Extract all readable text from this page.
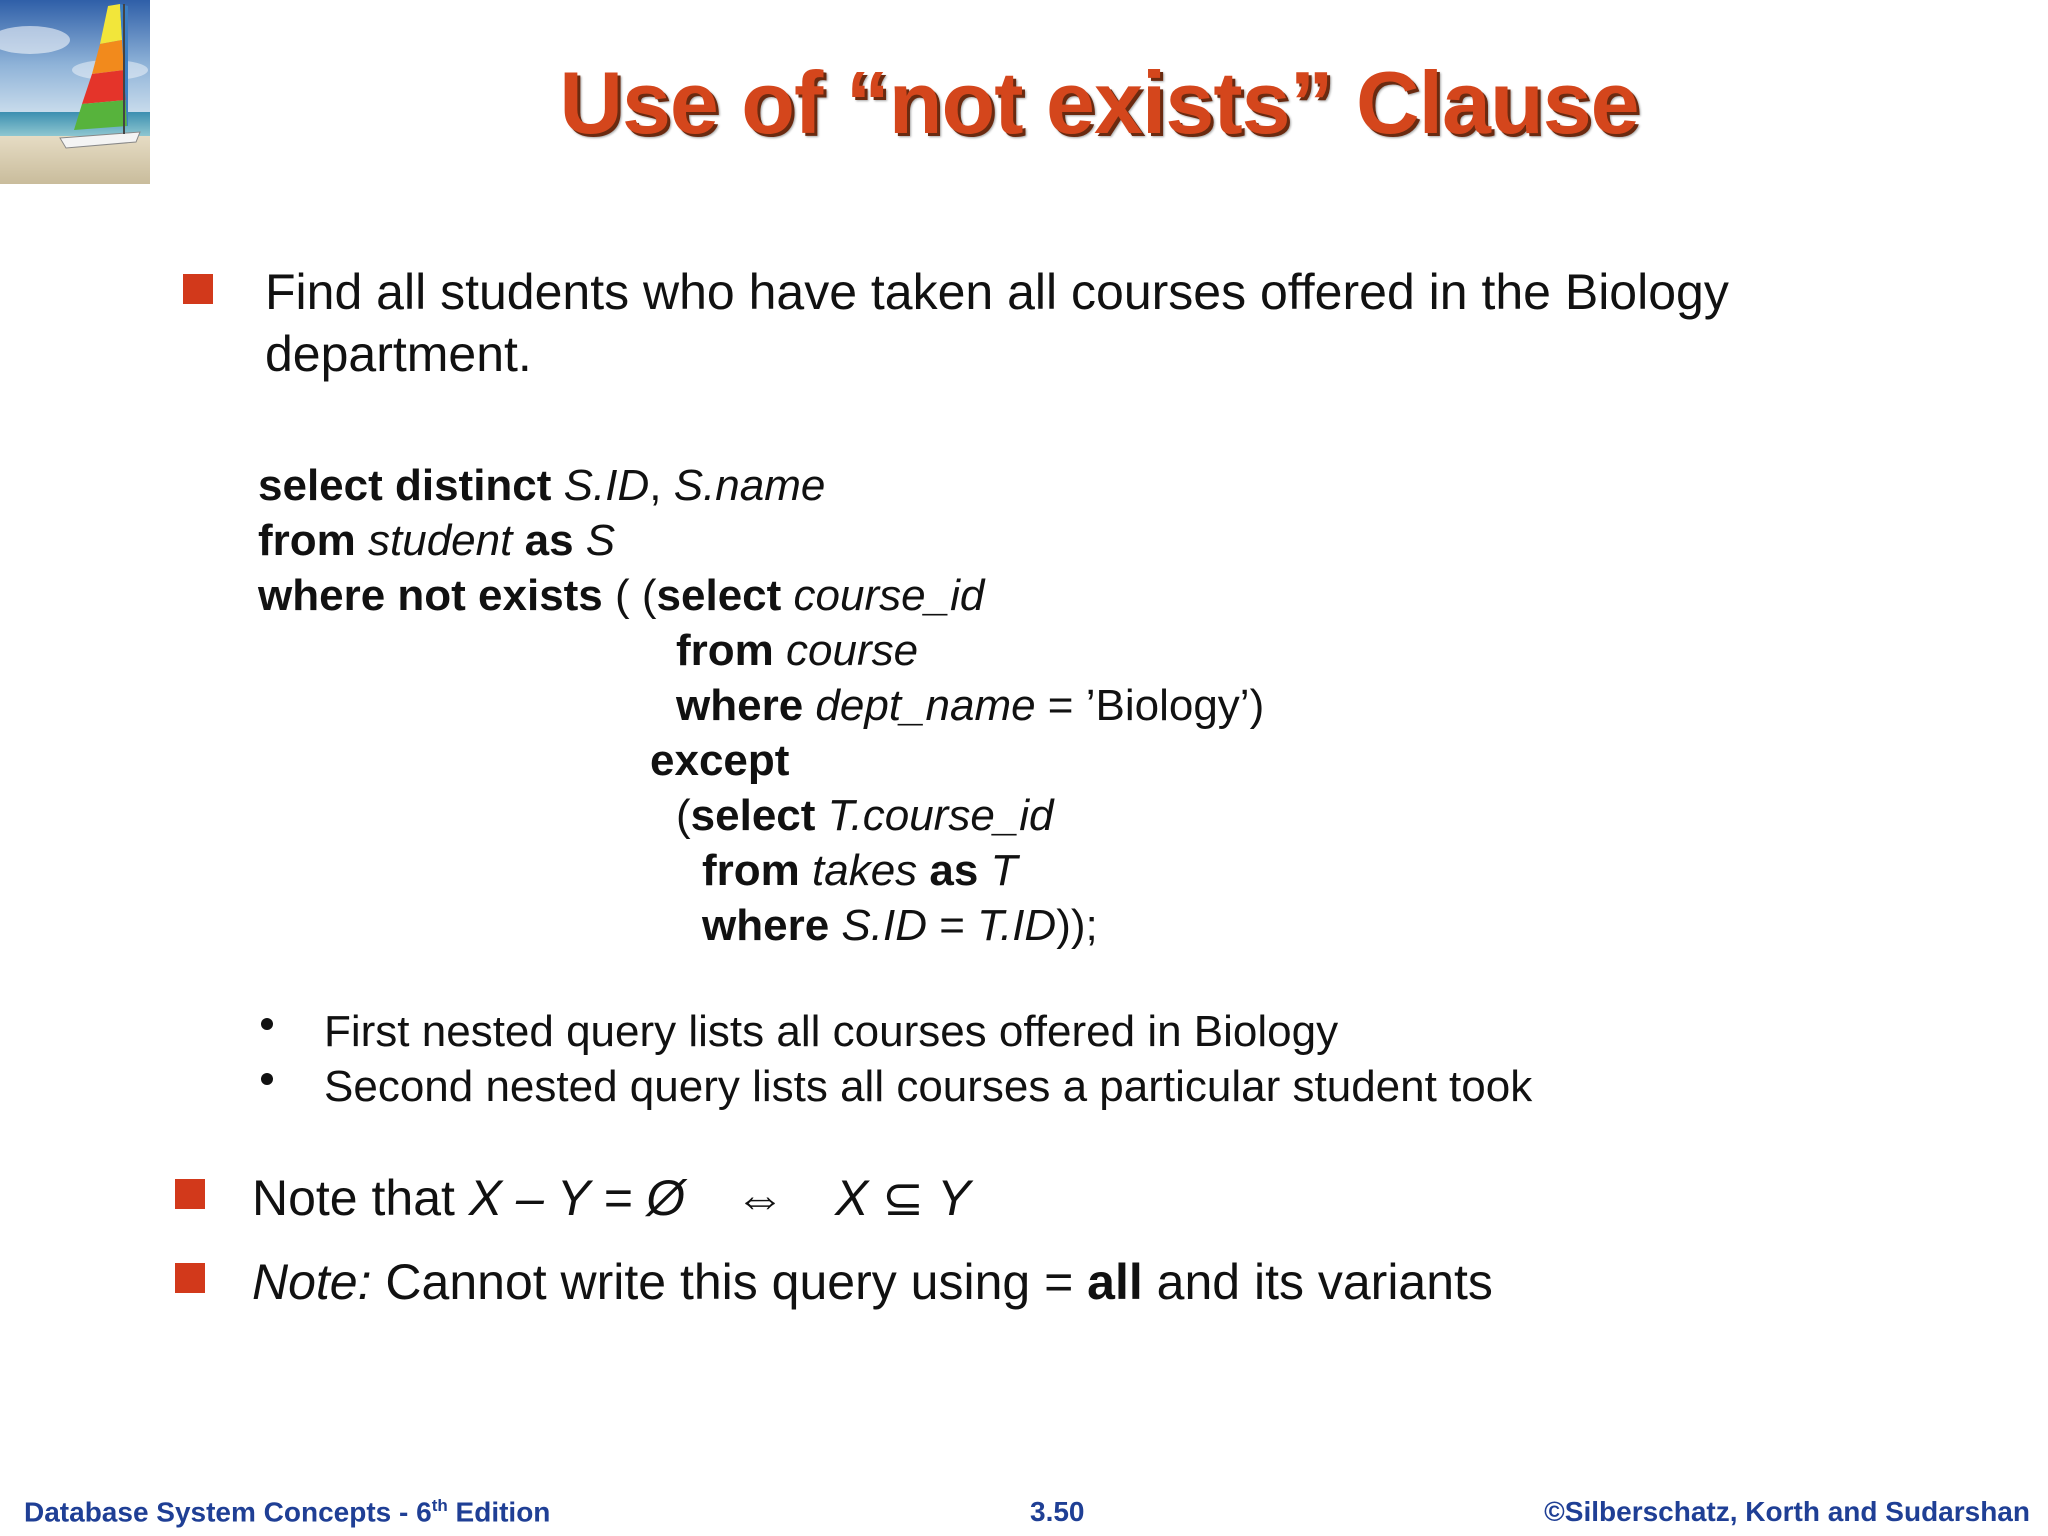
Use of “not exists” Clause
Find all students who have taken all courses offered in the Biology
department.
select distinct S.ID, S.name
from student as S
where not exists ( (select course_id
from course
where dept_name = ’Biology’)
except
(select T.course_id
from takes as T
where S.ID = T.ID));
First nested query lists all courses offered in Biology
Second nested query lists all courses a particular student took
Note that X – Y = Ø ⇔ X ⊆ Y
Note: Cannot write this query using = all and its variants
Database System Concepts - 6th Edition	3.50	©Silberschatz, Korth and Sudarshan
